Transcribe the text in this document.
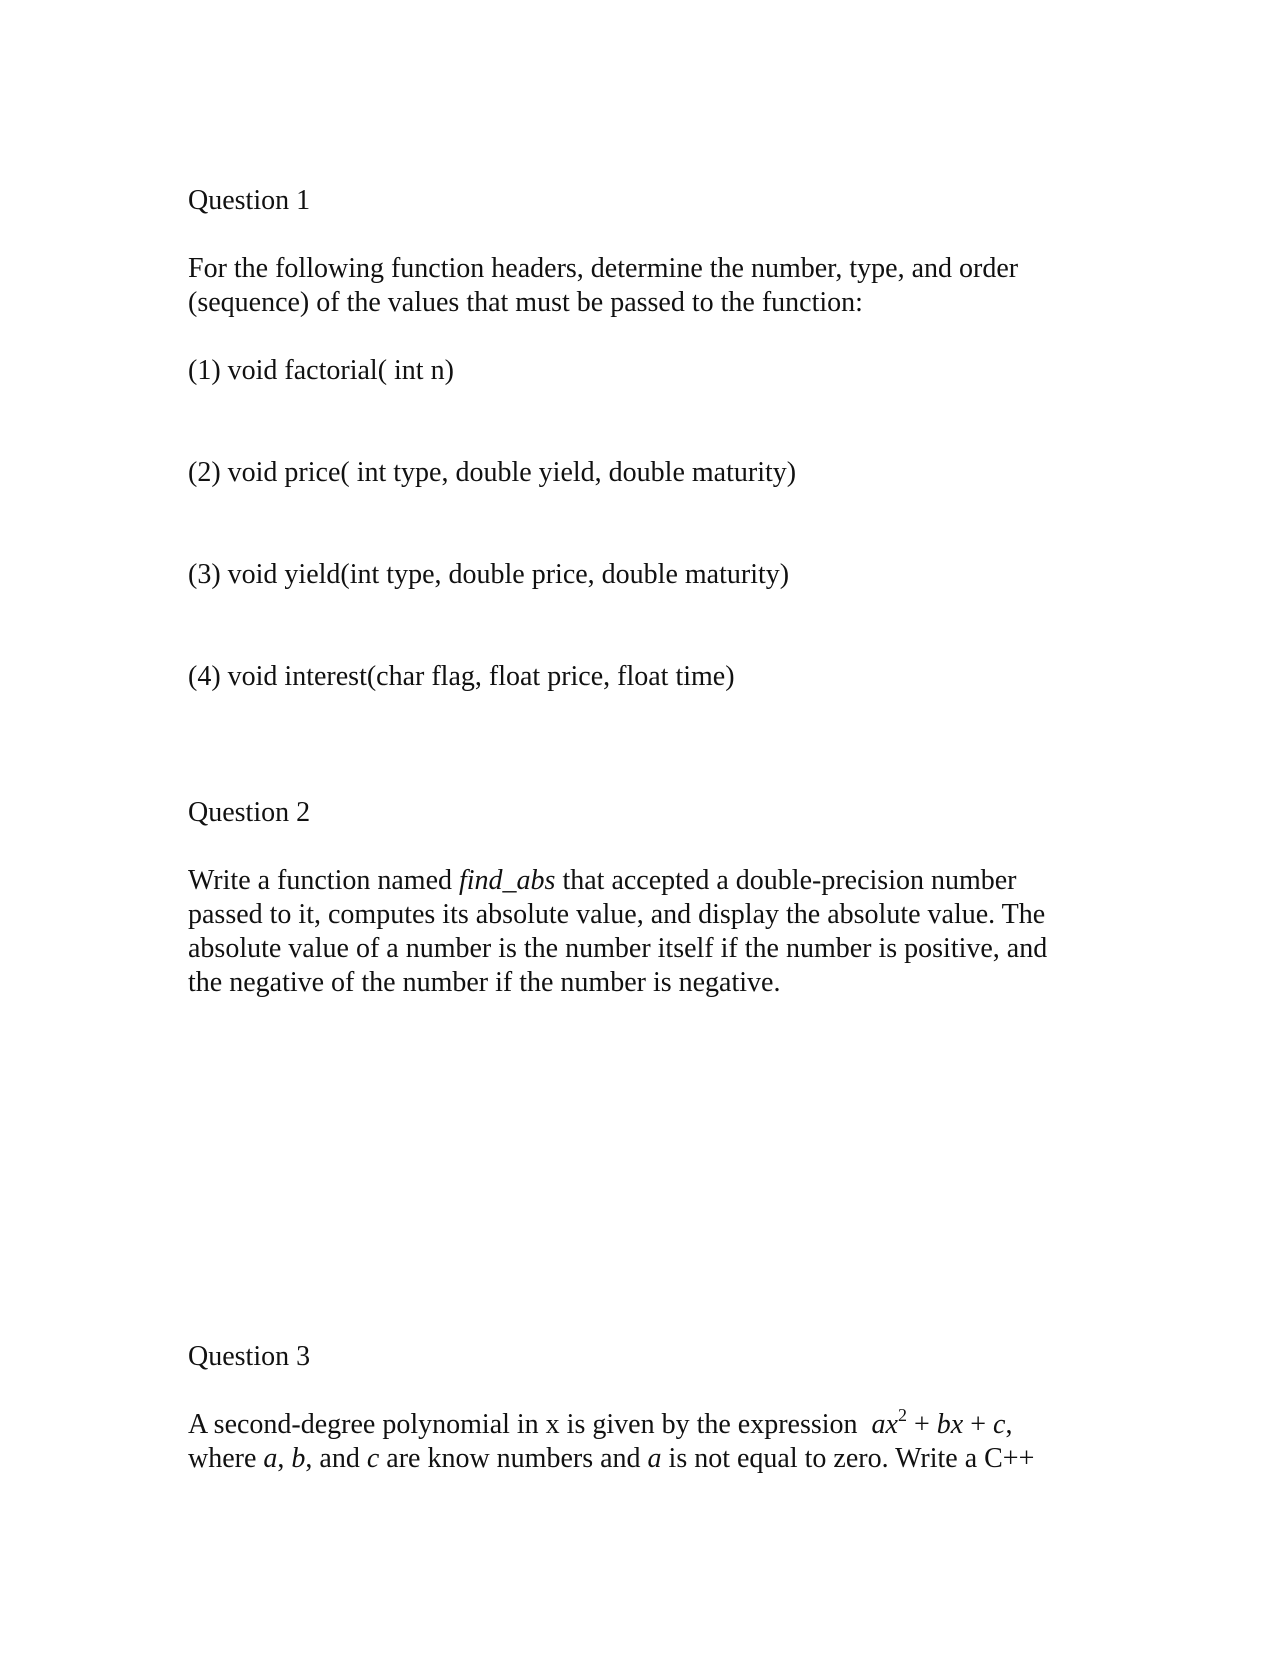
Question 1
For the following function headers, determine the number, type, and order
(sequence) of the values that must be passed to the function:
(1) void factorial( int n)
(2) void price( int type, double yield, double maturity)
(3) void yield(int type, double price, double maturity)
(4) void interest(char flag, float price, float time)
Question 2
Write a function named find_abs that accepted a double-precision number
passed to it, computes its absolute value, and display the absolute value. The
absolute value of a number is the number itself if the number is positive, and
the negative of the number if the number is negative.
Question 3
A second-degree polynomial in x is given by the expression  $ax^2$ + bx + c,
where a, b, and c are know numbers and a is not equal to zero. Write a C++
